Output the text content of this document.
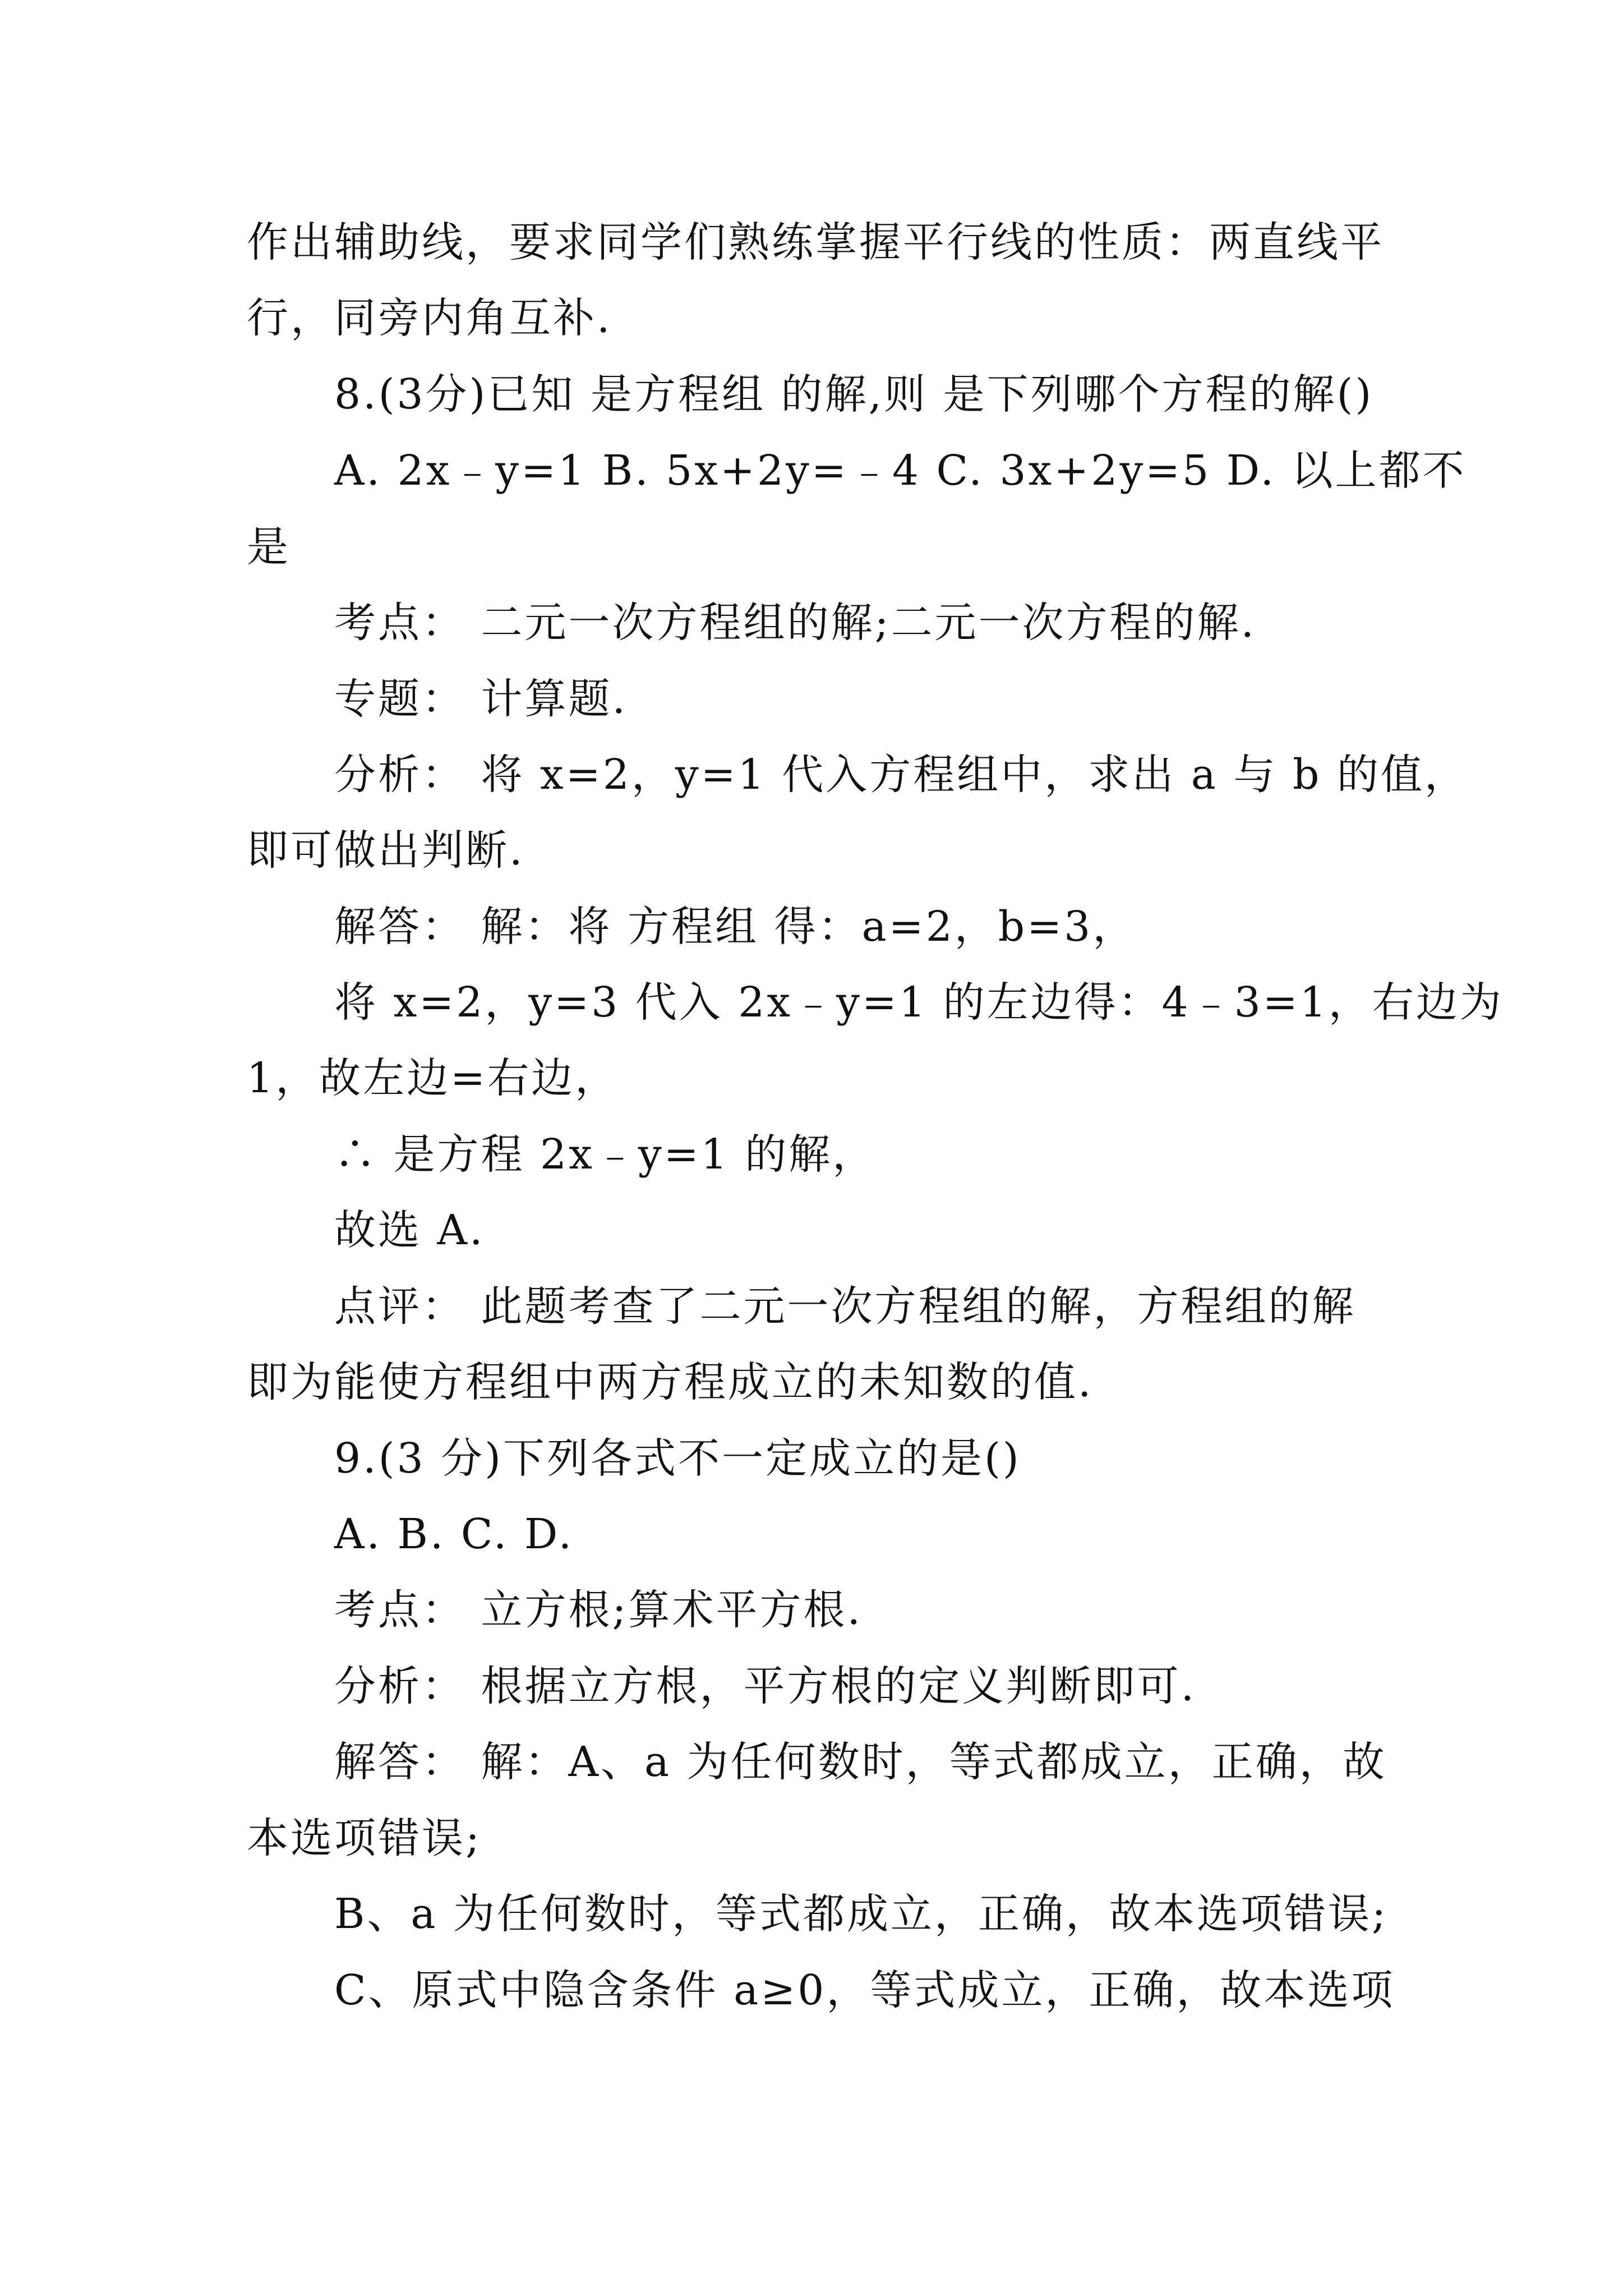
作出辅助线，要求同学们熟练掌握平行线的性质：两直线平
行，同旁内角互补.
8.(3分)已知 是方程组 的解,则 是下列哪个方程的解()
A. 2x﹣y=1 B. 5x+2y=﹣4 C. 3x+2y=5 D. 以上都不
是
考点： 二元一次方程组的解;二元一次方程的解.
专题： 计算题.
分析： 将 x=2，y=1 代入方程组中，求出 a 与 b 的值，
即可做出判断.
解答： 解：将 方程组 得：a=2，b=3，
将 x=2，y=3 代入 2x﹣y=1 的左边得：4﹣3=1，右边为
1，故左边=右边，
∴ 是方程 2x﹣y=1 的解，
故选 A.
点评： 此题考查了二元一次方程组的解，方程组的解
即为能使方程组中两方程成立的未知数的值.
9.(3 分)下列各式不一定成立的是()
A. B. C. D.
考点： 立方根;算术平方根.
分析： 根据立方根，平方根的定义判断即可.
解答： 解：A、a 为任何数时，等式都成立，正确，故
本选项错误;
B、a 为任何数时，等式都成立，正确，故本选项错误;
C、原式中隐含条件 a≥0，等式成立，正确，故本选项
